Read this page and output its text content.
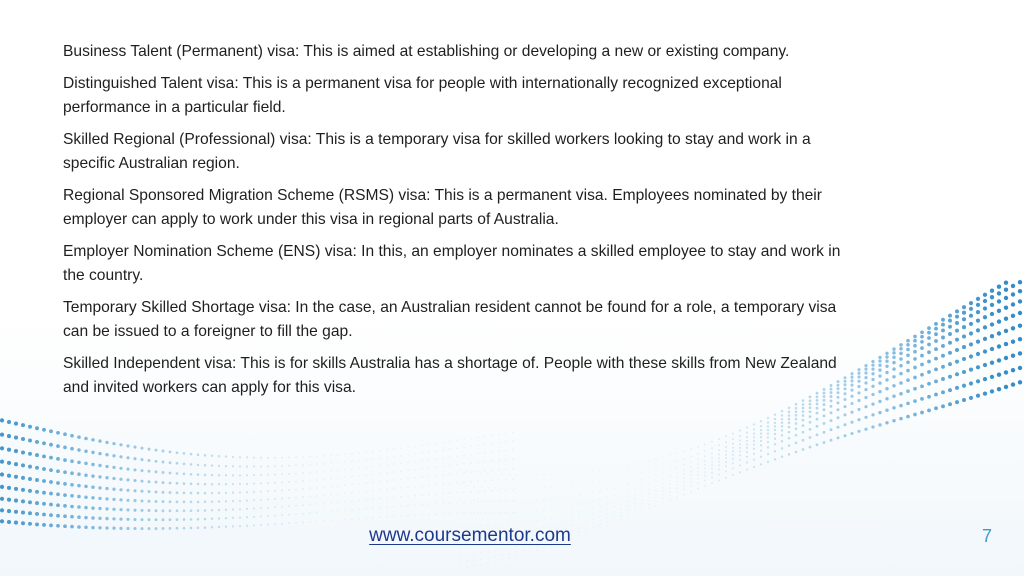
Business Talent (Permanent) visa: This is aimed at establishing or developing a new or existing company.

Distinguished Talent visa: This is a permanent visa for people with internationally recognized exceptional performance in a particular field.

Skilled Regional (Professional) visa: This is a temporary visa for skilled workers looking to stay and work in a specific Australian region.

Regional Sponsored Migration Scheme (RSMS) visa: This is a permanent visa. Employees nominated by their employer can apply to work under this visa in regional parts of Australia.

Employer Nomination Scheme (ENS) visa: In this, an employer nominates a skilled employee to stay and work in the country.

Temporary Skilled Shortage visa: In the case, an Australian resident cannot be found for a role, a temporary visa can be issued to a foreigner to fill the gap.

Skilled Independent visa: This is for skills Australia has a shortage of. People with these skills from New Zealand and invited workers can apply for this visa.

www.coursementor.com	7
